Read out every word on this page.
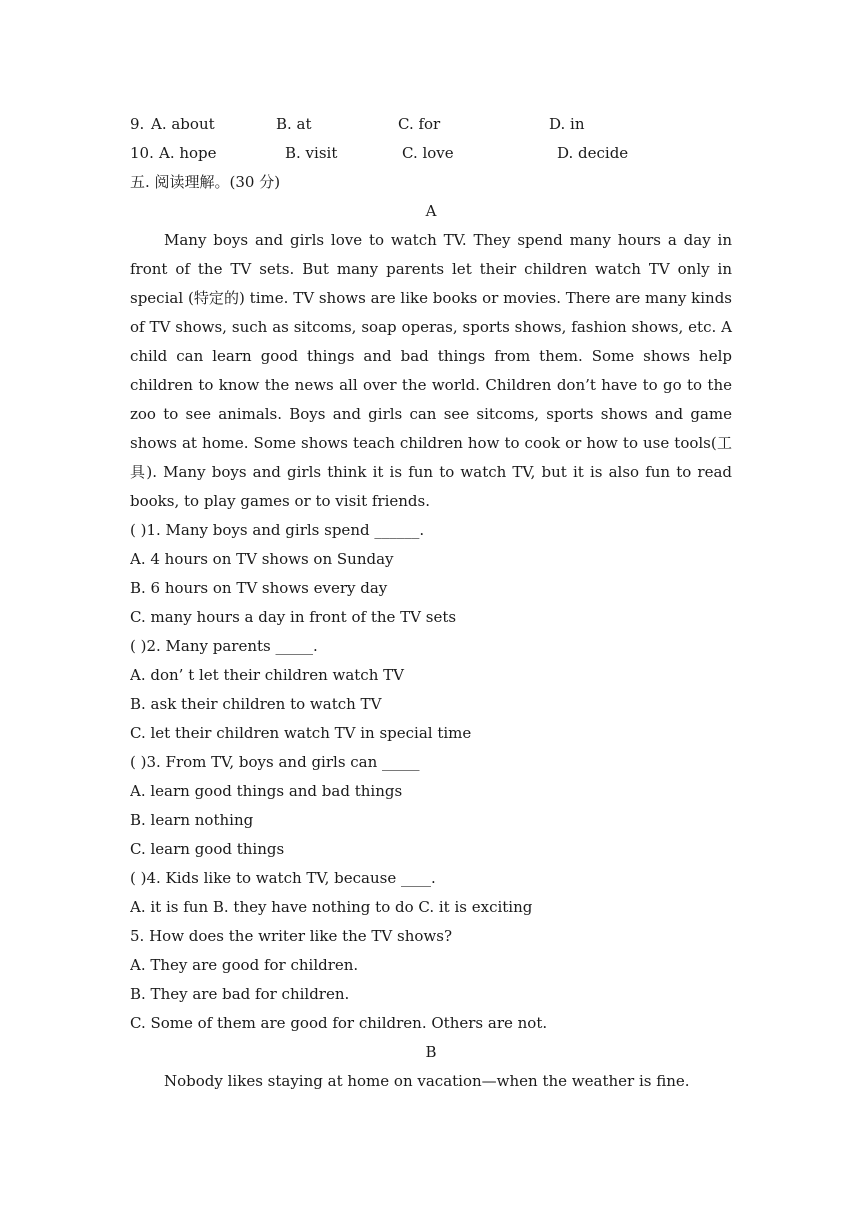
9. A. about	B. at	C. for	D. in
10. A. hope	B. visit	C. love	D. decide
五. 阅读理解。(30 分)
A

Many boys and girls love to watch TV. They spend many hours a day in front of the TV sets. But many parents let their children watch TV only in special (特定的) time. TV shows are like books or movies. There are many kinds of TV shows, such as sitcoms, soap operas, sports shows, fashion shows, etc. A child can learn good things and bad things from them. Some shows help children to know the news all over the world. Children don’t have to go to the zoo to see animals. Boys and girls can see sitcoms, sports shows and game shows at home. Some shows teach children how to cook or how to use tools(工具). Many boys and girls think it is fun to watch TV, but it is also fun to read books, to play games or to visit friends.

( )1. Many boys and girls spend ______.
A. 4 hours on TV shows on Sunday
B. 6 hours on TV shows every day
C. many hours a day in front of the TV sets
( )2. Many parents _____.
A. don’ t let their children watch TV
B. ask their children to watch TV
C. let their children watch TV in special time
( )3. From TV, boys and girls can _____
A. learn good things and bad things
B. learn nothing
C. learn good things
( )4. Kids like to watch TV, because ____.
A. it is fun B. they have nothing to do C. it is exciting
5. How does the writer like the TV shows?
A. They are good for children.
B. They are bad for children.
C. Some of them are good for children. Others are not.
B

Nobody likes staying at home on vacation—when the weather is fine.
